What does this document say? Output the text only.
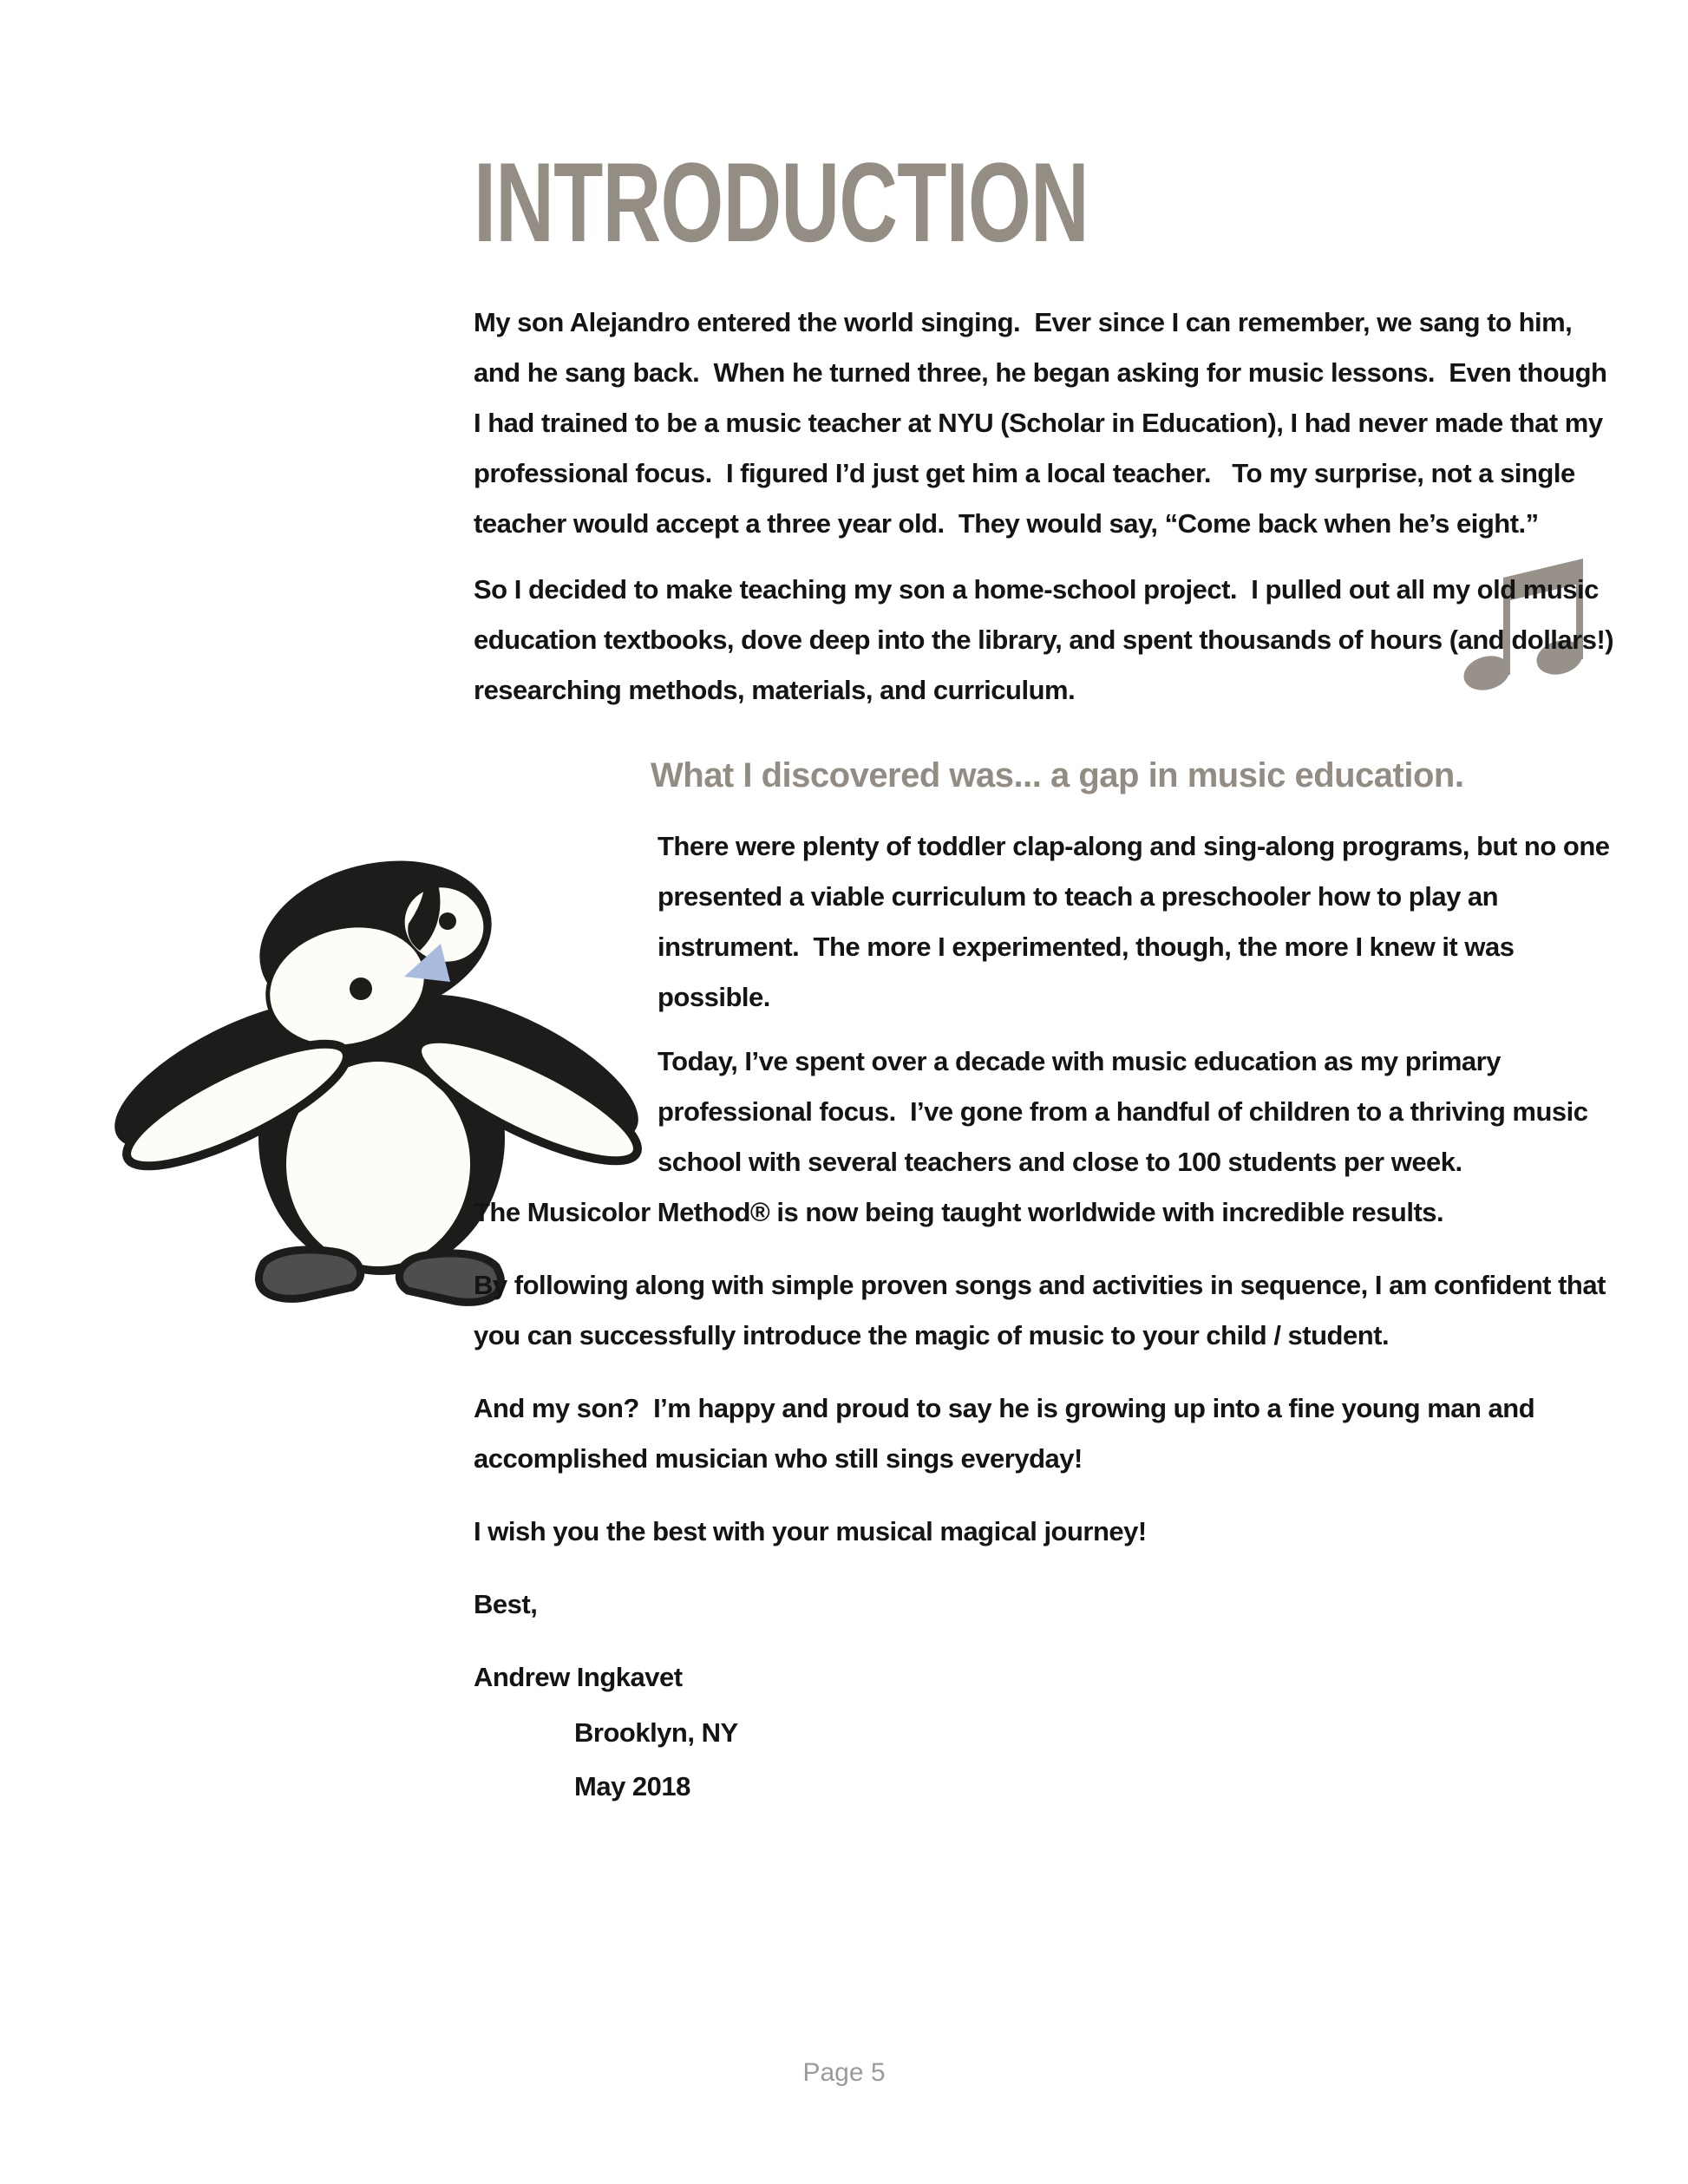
INTRODUCTION

My son Alejandro entered the world singing.  Ever since I can remember, we sang to him, and he sang back.  When he turned three, he began asking for music lessons.  Even though I had trained to be a music teacher at NYU (Scholar in Education), I had never made that my professional focus.  I figured I’d just get him a local teacher.   To my surprise, not a single teacher would accept a three year old.  They would say, “Come back when he’s eight.”

So I decided to make teaching my son a home-school project.  I pulled out all my old music education textbooks, dove deep into the library, and spent thousands of hours (and dollars!) researching methods, materials, and curriculum.

What I discovered was... a gap in music education.

There were plenty of toddler clap-along and sing-along programs, but no one presented a viable curriculum to teach a preschooler how to play an instrument.  The more I experimented, though, the more I knew it was possible.

Today, I’ve spent over a decade with music education as my primary professional focus.  I’ve gone from a handful of children to a thriving music school with several teachers and close to 100 students per week.

The Musicolor Method® is now being taught worldwide with incredible results.

By following along with simple proven songs and activities in sequence, I am confident that you can successfully introduce the magic of music to your child / student.

And my son?  I’m happy and proud to say he is growing up into a fine young man and accomplished musician who still sings everyday!

I wish you the best with your musical magical journey!

Best,

Andrew Ingkavet

Brooklyn, NY

May 2018

Page 5
